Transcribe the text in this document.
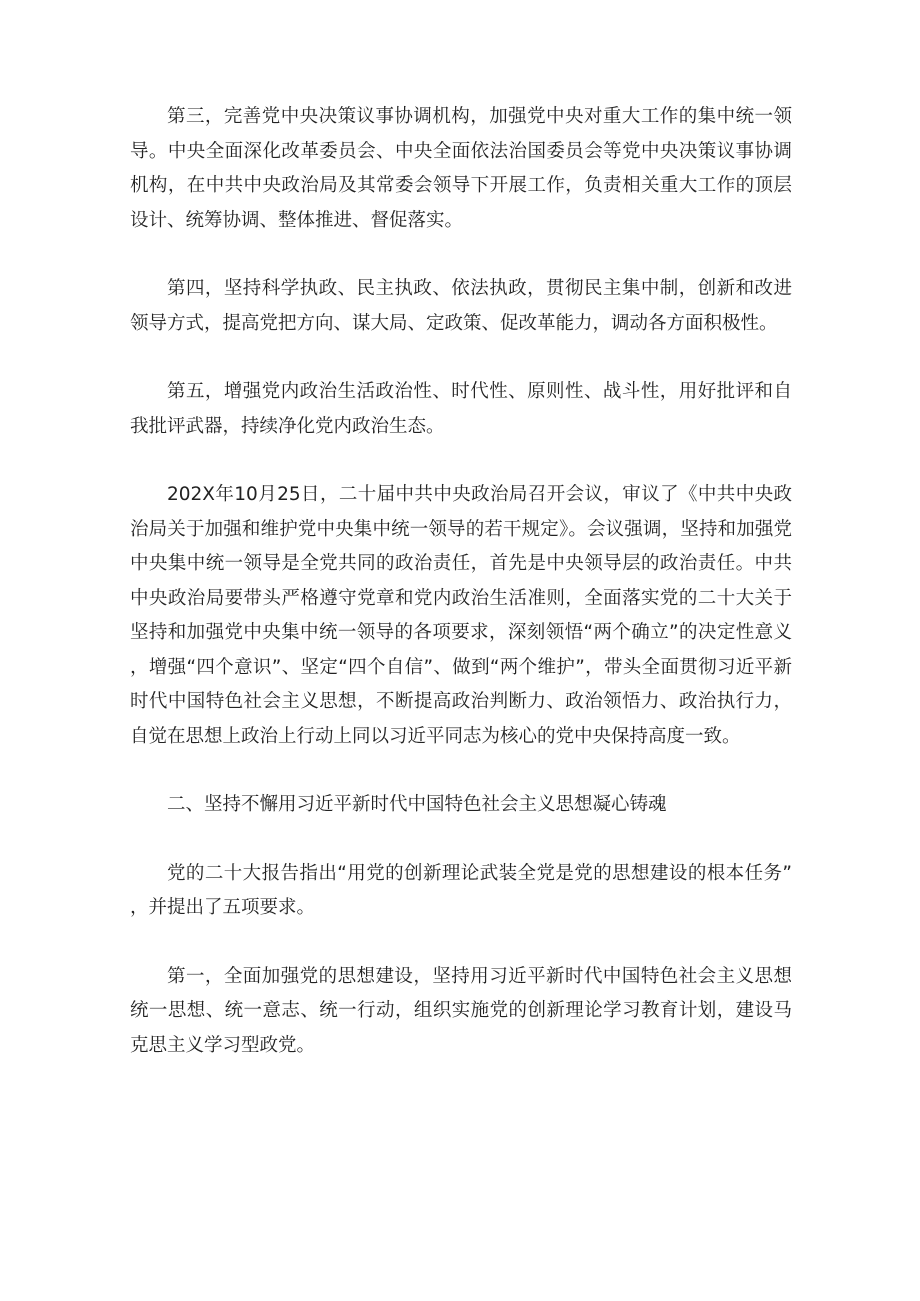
第三，完善党中央决策议事协调机构，加强党中央对重大工作的集中统一领导。中央全面深化改革委员会、中央全面依法治国委员会等党中央决策议事协调机构，在中共中央政治局及其常委会领导下开展工作，负责相关重大工作的顶层设计、统筹协调、整体推进、督促落实。

第四，坚持科学执政、民主执政、依法执政，贯彻民主集中制，创新和改进领导方式，提高党把方向、谋大局、定政策、促改革能力，调动各方面积极性。

第五，增强党内政治生活政治性、时代性、原则性、战斗性，用好批评和自我批评武器，持续净化党内政治生态。

202X年10月25日，二十届中共中央政治局召开会议，审议了《中共中央政治局关于加强和维护党中央集中统一领导的若干规定》。会议强调，坚持和加强党中央集中统一领导是全党共同的政治责任，首先是中央领导层的政治责任。中共中央政治局要带头严格遵守党章和党内政治生活准则，全面落实党的二十大关于坚持和加强党中央集中统一领导的各项要求，深刻领悟“两个确立”的决定性意义，增强“四个意识”、坚定“四个自信”、做到“两个维护”，带头全面贯彻习近平新时代中国特色社会主义思想，不断提高政治判断力、政治领悟力、政治执行力，自觉在思想上政治上行动上同以习近平同志为核心的党中央保持高度一致。

二、坚持不懈用习近平新时代中国特色社会主义思想凝心铸魂

党的二十大报告指出“用党的创新理论武装全党是党的思想建设的根本任务”，并提出了五项要求。

第一，全面加强党的思想建设，坚持用习近平新时代中国特色社会主义思想统一思想、统一意志、统一行动，组织实施党的创新理论学习教育计划，建设马克思主义学习型政党。
